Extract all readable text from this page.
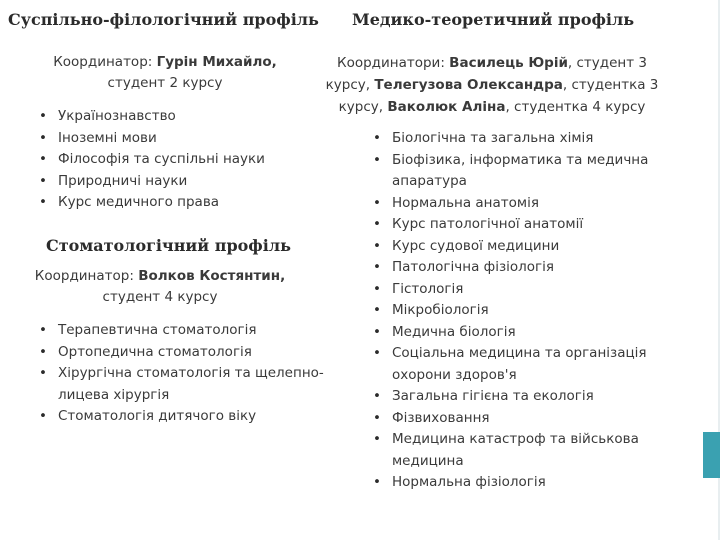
Суспільно-філологічний профіль

Координатор: Гурін Михайло,
студент 2 курсу

• Українознавство
• Іноземні мови
• Філософія та суспільні науки
• Природничі науки
• Курс медичного права
Стоматологічний профіль

Координатор: Волков Костянтин,
студент 4 курсу

• Терапевтична стоматологія
• Ортопедична стоматологія
• Хірургічна стоматологія та щелепно-лицева хірургія
• Стоматологія дитячого віку
Медико-теоретичний профіль

Координатори: Василець Юрій, студент 3 курсу, Телегузова Олександра, студентка 3 курсу, Ваколюк Аліна, студентка 4 курсу

• Біологічна та загальна хімія
• Біофізика, інформатика та медична апаратура
• Нормальна анатомія
• Курс патологічної анатомії
• Курс судової медицини
• Патологічна фізіологія
• Гістологія
• Мікробіологія
• Медична біологія
• Соціальна медицина та організація охорони здоров'я
• Загальна гігієна та екологія
• Фізвиховання
• Медицина катастроф та військова медицина
• Нормальна фізіологія
